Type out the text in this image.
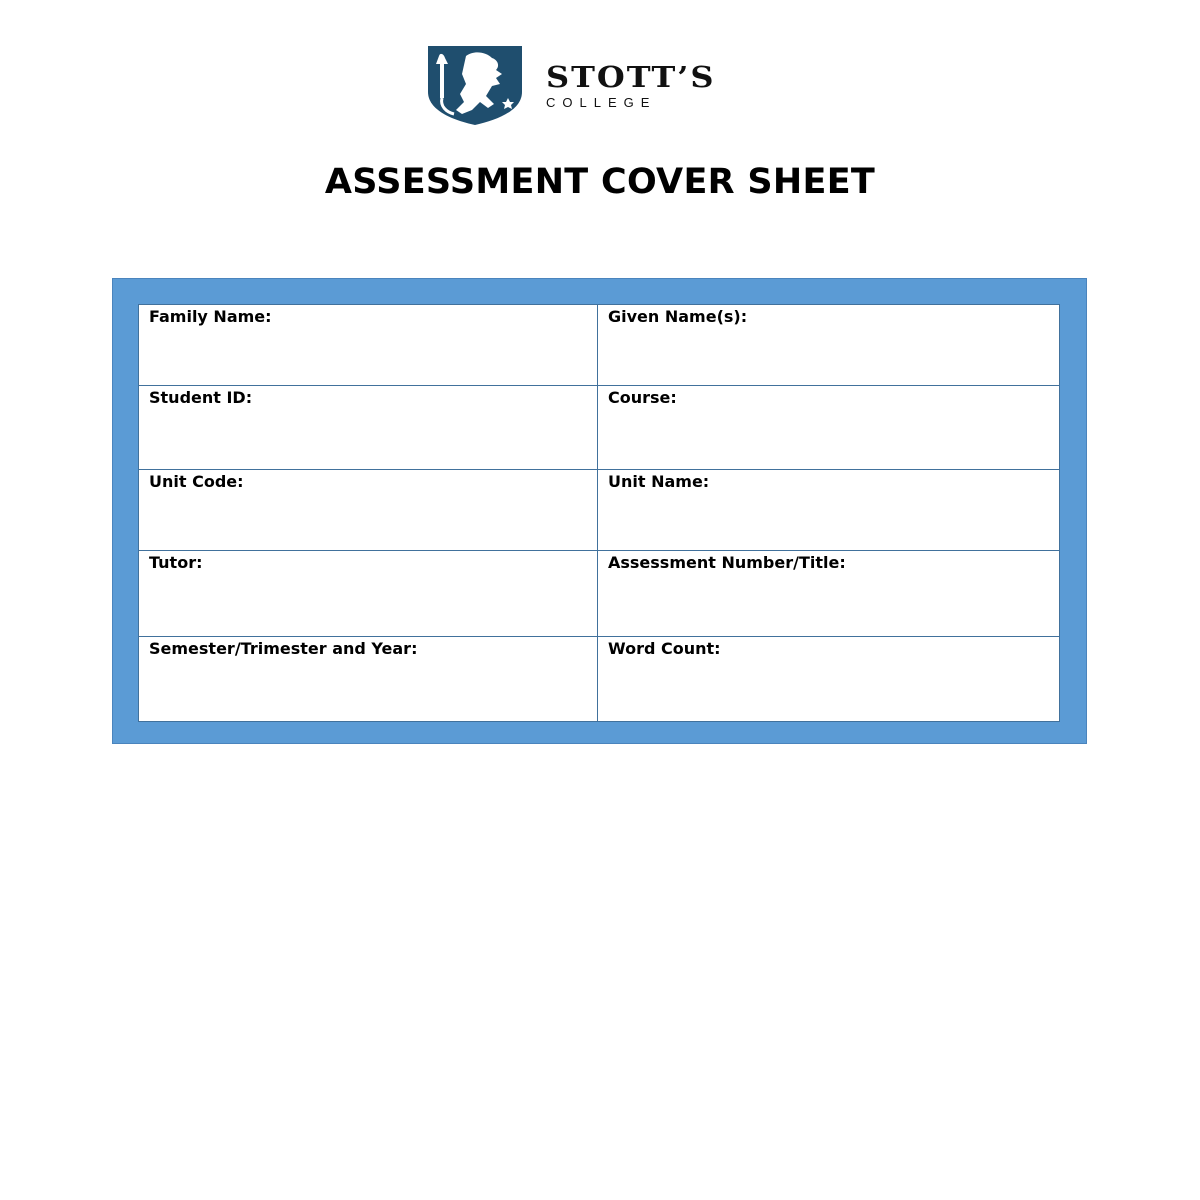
STOTT’S
COLLEGE
ASSESSMENT COVER SHEET
Family Name:	Given Name(s):
Student ID:	Course:
Unit Code:	Unit Name:
Tutor:	Assessment Number/Title:
Semester/Trimester and Year:	Word Count:
